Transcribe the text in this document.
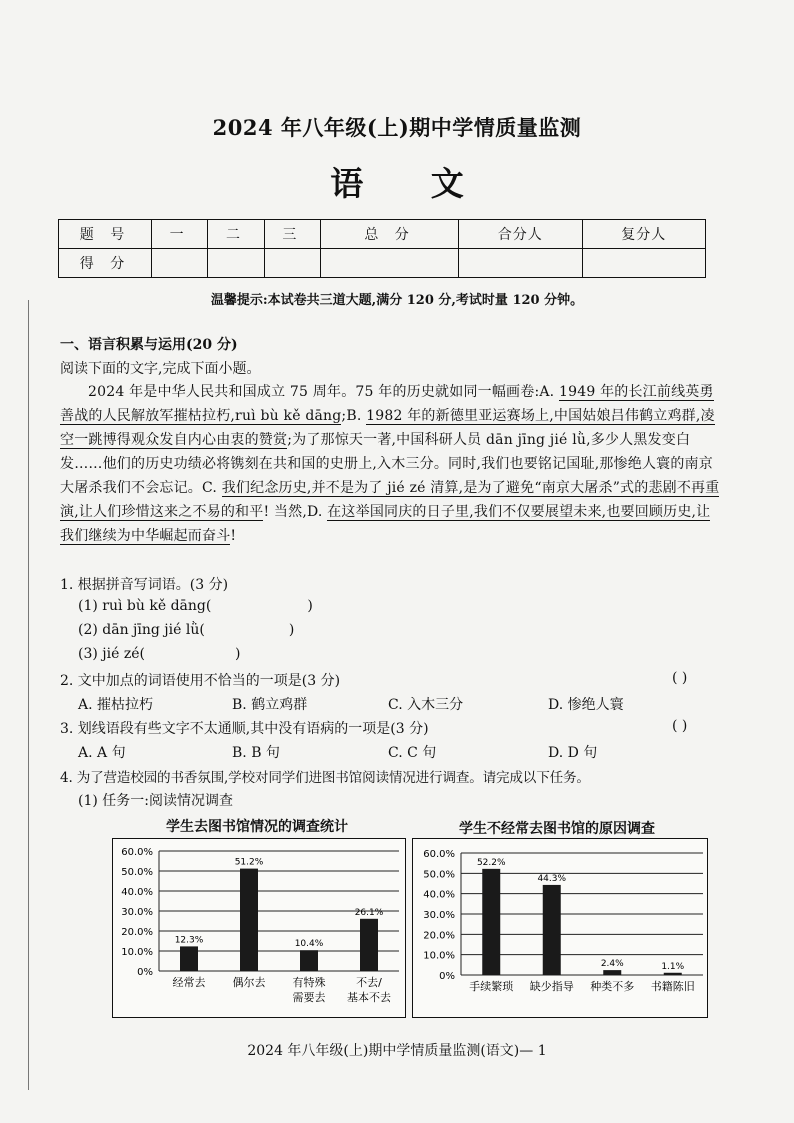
2024 年八年级(上)期中学情质量监测
语 文
题 号	一	二	三	总 分	合分人	复分人
得 分						
温馨提示:本试卷共三道大题,满分 120 分,考试时量 120 分钟。
一、语言积累与运用(20 分)
阅读下面的文字,完成下面小题。
2024 年是中华人民共和国成立 75 周年。75 年的历史就如同一幅画卷:A. 1949 年的长江前线英勇善战的人民解放军摧枯拉朽,ruì bù kě dāng;B. 1982 年的新德里亚运赛场上,中国姑娘吕伟鹤立鸡群,凌空一跳博得观众发自内心由衷的赞赏;为了那惊天一著,中国科研人员 dān jīng jié lǜ,多少人黑发变白发……他们的历史功绩必将镌刻在共和国的史册上,入木三分。同时,我们也要铭记国耻,那惨绝人寰的南京大屠杀我们不会忘记。C. 我们纪念历史,并不是为了 jié zé 清算,是为了避免“南京大屠杀”式的悲剧不再重演,让人们珍惜这来之不易的和平! 当然,D. 在这举国同庆的日子里,我们不仅要展望未来,也要回顾历史,让我们继续为中华崛起而奋斗!
1. 根据拼音写词语。(3 分)
(1) ruì bù kě dāng(	)
(2) dān jīng jié lǜ(	)
(3) jié zé(	)
2. 文中加点的词语使用不恰当的一项是(3 分)	( )
A. 摧枯拉朽	B. 鹤立鸡群	C. 入木三分	D. 惨绝人寰
3. 划线语段有些文字不太通顺,其中没有语病的一项是(3 分)	( )
A. A 句	B. B 句	C. C 句	D. D 句
4. 为了营造校园的书香氛围,学校对同学们进图书馆阅读情况进行调查。请完成以下任务。
(1) 任务一:阅读情况调查
学生去图书馆情况的调查统计
60.0%
50.0%
40.0%
30.0%
20.0%
10.0%
0%
12.3%
经常去
51.2%
偶尔去
10.4%
有特殊
需要去
26.1%
不去/
基本不去
学生不经常去图书馆的原因调查
60.0%
50.0%
40.0%
30.0%
20.0%
10.0%
0%
52.2%
手续繁琐
44.3%
缺少指导
2.4%
种类不多
1.1%
书籍陈旧
2024 年八年级(上)期中学情质量监测(语文)— 1
